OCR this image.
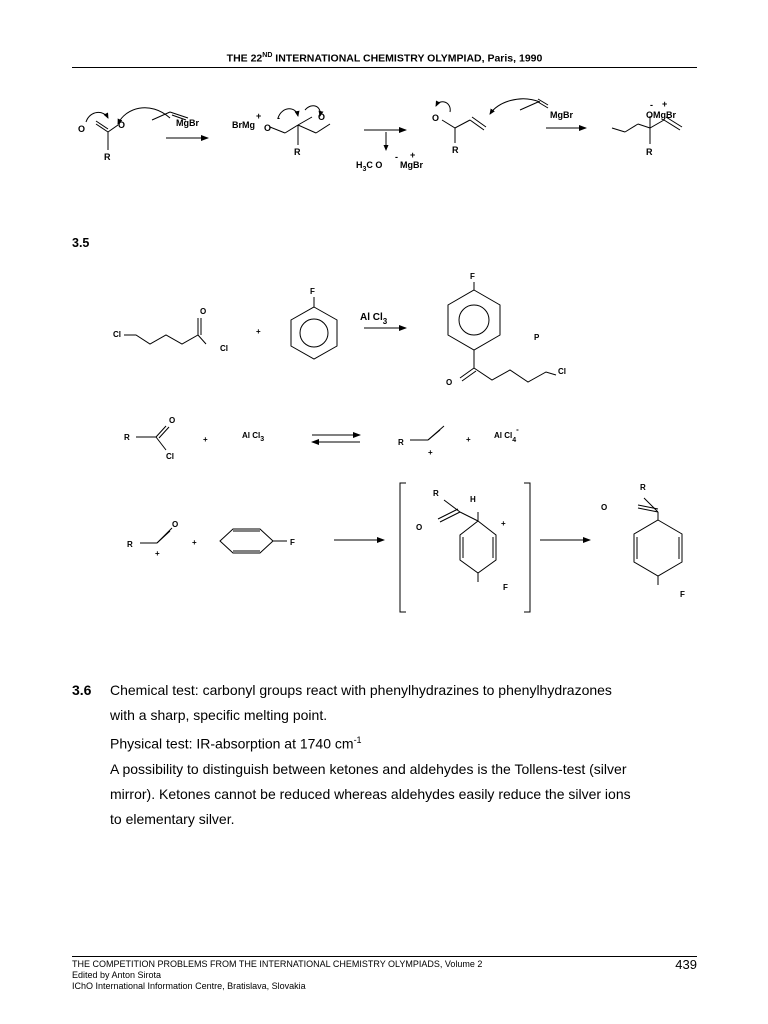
THE 22ND INTERNATIONAL CHEMISTRY OLYMPIAD, Paris, 1990
3.5
O	O
R
MgBr	BrMg
+
O
-	O
R
$H_3C$ O
-
MgBr
+
O
R
MgBr
- +
OMgBr
R
Cl
O
Cl
+
F
Al $Cl_3$
F
P
O
Cl
R
O
Cl
+	Al Cl3	R
+
+	Al Cl4-
R
O
+
+	F
R
H
O	+
F
R
O
F
3.6 Chemical test: carbonyl groups react with phenylhydrazines to phenylhydrazones
with a sharp, specific melting point.
Physical test: IR-absorption at 1740 $cm^{-1}$
A possibility to distinguish between ketones and aldehydes is the Tollens-test (silver
mirror). Ketones cannot be reduced whereas aldehydes easily reduce the silver ions
to elementary silver.
THE COMPETITION PROBLEMS FROM THE INTERNATIONAL CHEMISTRY OLYMPIADS, Volume 2
Edited by Anton Sirota
IChO International Information Centre, Bratislava, Slovakia
439
